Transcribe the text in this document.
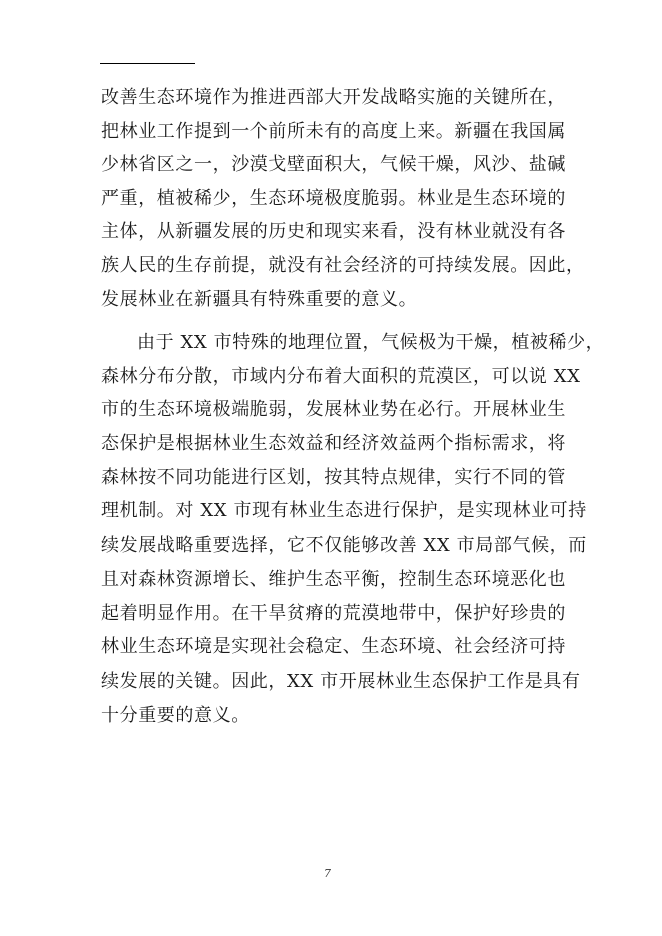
改善生态环境作为推进西部大开发战略实施的关键所在，
把林业工作提到一个前所未有的高度上来。新疆在我国属
少林省区之一，沙漠戈壁面积大，气候干燥，风沙、盐碱
严重，植被稀少，生态环境极度脆弱。林业是生态环境的
主体，从新疆发展的历史和现实来看，没有林业就没有各
族人民的生存前提，就没有社会经济的可持续发展。因此，
发展林业在新疆具有特殊重要的意义。
由于 XX 市特殊的地理位置，气候极为干燥，植被稀少，
森林分布分散，市域内分布着大面积的荒漠区，可以说 XX
市的生态环境极端脆弱，发展林业势在必行。开展林业生
态保护是根据林业生态效益和经济效益两个指标需求，将
森林按不同功能进行区划，按其特点规律，实行不同的管
理机制。对 XX 市现有林业生态进行保护，是实现林业可持
续发展战略重要选择，它不仅能够改善 XX 市局部气候，而
且对森林资源增长、维护生态平衡，控制生态环境恶化也
起着明显作用。在干旱贫瘠的荒漠地带中，保护好珍贵的
林业生态环境是实现社会稳定、生态环境、社会经济可持
续发展的关键。因此，XX 市开展林业生态保护工作是具有
十分重要的意义。
7
